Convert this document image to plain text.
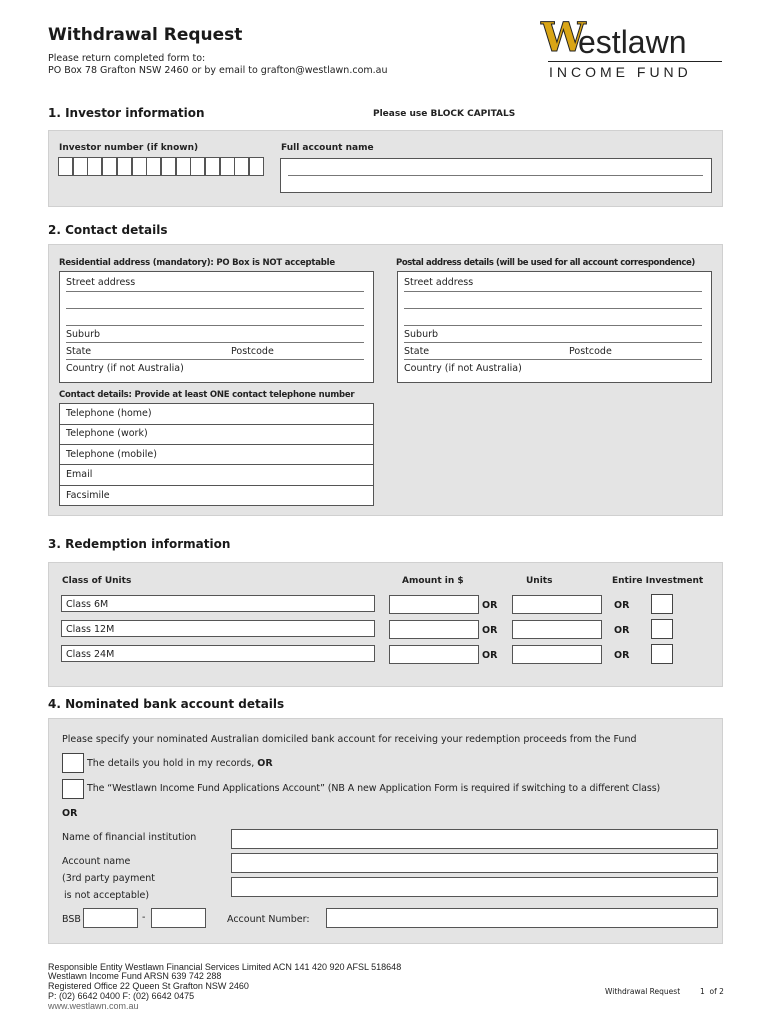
Withdrawal Request
Please return completed form to:
PO Box 78 Grafton NSW 2460 or by email to grafton@westlawn.com.au
W
estlawn
INCOME FUND
1. Investor information	Please use BLOCK CAPITALS
Investor number (if known)	Full account name
2. Contact details
Residential address (mandatory): PO Box is NOT acceptable	Postal address details (will be used for all account correspondence)
Street address
Suburb
State	Postcode
Country (if not Australia)
Street address
Suburb
State	Postcode
Country (if not Australia)
Contact details: Provide at least ONE contact telephone number
Telephone (home)
Telephone (work)
Telephone (mobile)
Email
Facsimile
3. Redemption information
Class of Units	Amount in $	Units	Entire Investment
Class 6M	OR	OR
Class 12M	OR	OR
Class 24M	OR	OR
4. Nominated bank account details
Please specify your nominated Australian domiciled bank account for receiving your redemption proceeds from the Fund
The details you hold in my records, OR
The “Westlawn Income Fund Applications Account” (NB A new Application Form is required if switching to a different Class)
OR
Name of financial institution
Account name
(3rd party payment
is not acceptable)
BSB	-	Account Number:
Responsible Entity Westlawn Financial Services Limited ACN 141 420 920 AFSL 518648
Westlawn Income Fund ARSN 639 742 288
Registered Office 22 Queen St Grafton NSW 2460
P: (02) 6642 0400 F: (02) 6642 0475
www.westlawn.com.au
Withdrawal Request	1  of 2
